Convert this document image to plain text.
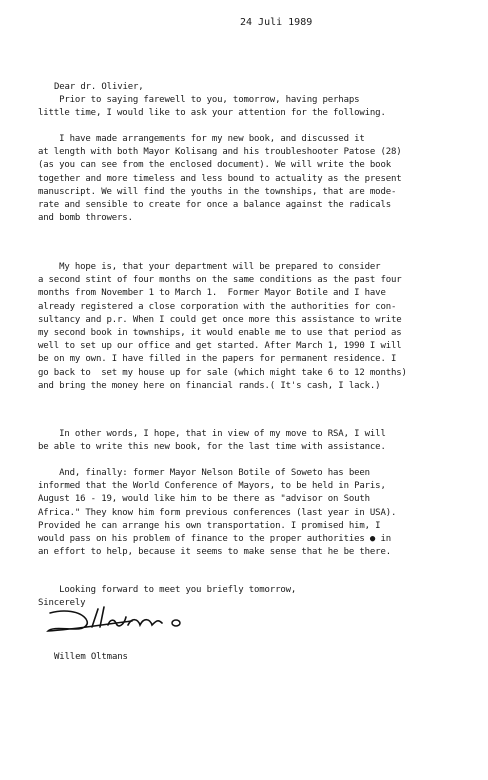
24 Juli 1989
Dear dr. Olivier,

Prior to saying farewell to you, tomorrow, having perhaps
little time, I would like to ask your attention for the following.

I have made arrangements for my new book, and discussed it
at length with both Mayor Kolisang and his troubleshooter Patose (28)
(as you can see from the enclosed document). We will write the book
together and more timeless and less bound to actuality as the present
manuscript. We will find the youths in the townships, that are mode-
rate and sensible to create for once a balance against the radicals
and bomb throwers.

My hope is, that your department will be prepared to consider
a second stint of four months on the same conditions as the past four
months from November 1 to March 1.  Former Mayor Botile and I have
already registered a close corporation with the authorities for con-
sultancy and p.r. When I could get once more this assistance to write
my second book in townships, it would enable me to use that period as
well to set up our office and get started. After March 1, 1990 I will
be on my own. I have filled in the papers for permanent residence. I
go back to  set my house up for sale (which might take 6 to 12 months)
and bring the money here on financial rands.( It's cash, I lack.)

In other words, I hope, that in view of my move to RSA, I will
be able to write this new book, for the last time with assistance.

And, finally: former Mayor Nelson Botile of Soweto has been
informed that the World Conference of Mayors, to be held in Paris,
August 16 - 19, would like him to be there as "advisor on South
Africa." They know him form previous conferences (last year in USA).
Provided he can arrange his own transportation. I promised him, I
would pass on his problem of finance to the proper authorities ● in
an effort to help, because it seems to make sense that he be there.

Looking forward to meet you briefly tomorrow,

Sincerely
Willem Oltmans
